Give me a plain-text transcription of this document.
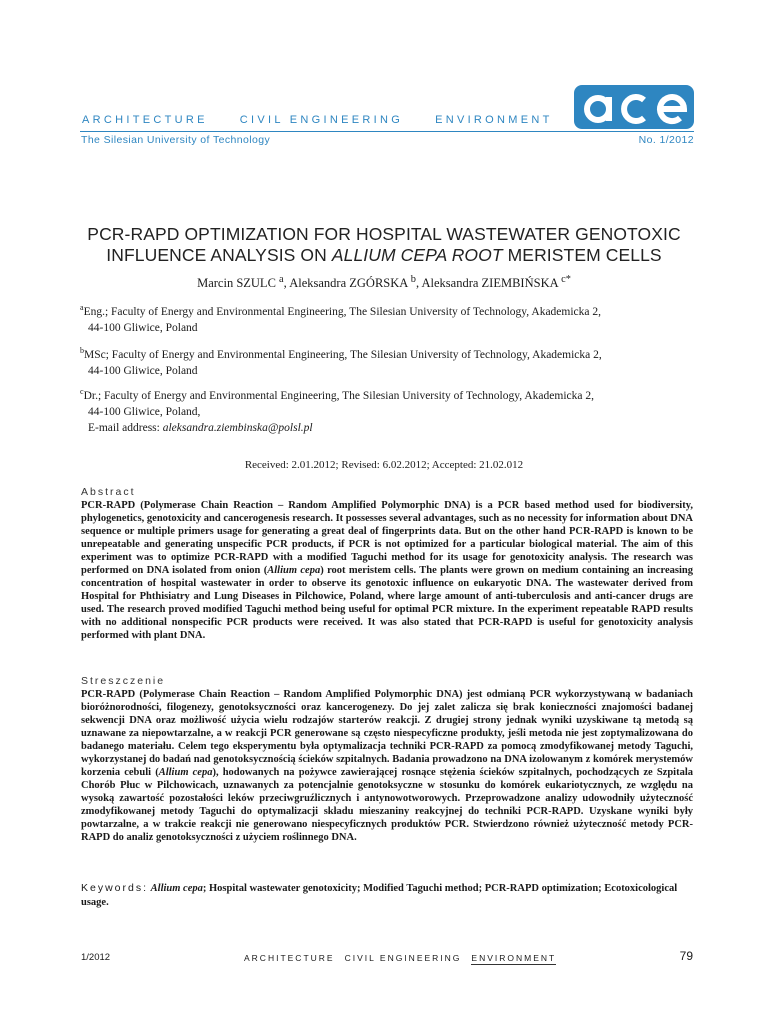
ARCHITECTURE	CIVIL ENGINEERING	ENVIRONMENT
The Silesian University of Technology	No. 1/2012
PCR-RAPD OPTIMIZATION FOR HOSPITAL WASTEWATER GENOTOXIC
INFLUENCE ANALYSIS ON ALLIUM CEPA ROOT MERISTEM CELLS
Marcin SZULC $^a$, Aleksandra ZGÓRSKA $^b$, Aleksandra ZIEMBIŃSKA $^{c*}$
$^a$Eng.; Faculty of Energy and Environmental Engineering, The Silesian University of Technology, Akademicka 2,
44-100 Gliwice, Poland
$^b$MSc; Faculty of Energy and Environmental Engineering, The Silesian University of Technology, Akademicka 2,
44-100 Gliwice, Poland
$^c$Dr.; Faculty of Energy and Environmental Engineering, The Silesian University of Technology, Akademicka 2,
44-100 Gliwice, Poland,
E-mail address: aleksandra.ziembinska@polsl.pl
Received: 2.01.2012; Revised: 6.02.2012; Accepted: 21.02.012
Abstract
PCR-RAPD (Polymerase Chain Reaction – Random Amplified Polymorphic DNA) is a PCR based method used for biodiversity, phylogenetics, genotoxicity and cancerogenesis research. It possesses several advantages, such as no necessity for information about DNA sequence or multiple primers usage for generating a great deal of fingerprints data. But on the other hand PCR-RAPD is known to be unrepeatable and generating unspecific PCR products, if PCR is not optimized for a particular biological material. The aim of this experiment was to optimize PCR-RAPD with a modified Taguchi method for its usage for genotoxicity analysis. The research was performed on DNA isolated from onion (Allium cepa) root meristem cells. The plants were grown on medium containing an increasing concentration of hospital wastewater in order to observe its genotoxic influence on eukaryotic DNA. The wastewater derived from Hospital for Phthisiatry and Lung Diseases in Pilchowice, Poland, where large amount of anti-tuberculosis and anti-cancer drugs are used. The research proved modified Taguchi method being useful for optimal PCR mixture. In the experiment repeatable RAPD results with no additional nonspecific PCR products were received. It was also stated that PCR-RAPD is useful for genotoxicity analysis performed with plant DNA.
Streszczenie
PCR-RAPD (Polymerase Chain Reaction – Random Amplified Polymorphic DNA) jest odmianą PCR wykorzystywaną w badaniach bioróżnorodności, filogenezy, genotoksyczności oraz kancerogenezy. Do jej zalet zalicza się brak konieczności znajomości badanej sekwencji DNA oraz możliwość użycia wielu rodzajów starterów reakcji. Z drugiej strony jednak wyniki uzyskiwane tą metodą są uznawane za niepowtarzalne, a w reakcji PCR generowane są często niespecyficzne produkty, jeśli metoda nie jest zoptymalizowana do badanego materiału. Celem tego eksperymentu była optymalizacja techniki PCR-RAPD za pomocą zmodyfikowanej metody Taguchi, wykorzystanej do badań nad genotoksycznością ścieków szpitalnych. Badania prowadzono na DNA izolowanym z komórek merystemów korzenia cebuli (Allium cepa), hodowanych na pożywce zawierającej rosnące stężenia ścieków szpitalnych, pochodzących ze Szpitala Chorób Płuc w Pilchowicach, uznawanych za potencjalnie genotoksyczne w stosunku do komórek eukariotycznych, ze względu na wysoką zawartość pozostałości leków przeciwgruźlicznych i antynowotworowych. Przeprowadzone analizy udowodniły użyteczność zmodyfikowanej metody Taguchi do optymalizacji składu mieszaniny reakcyjnej do techniki PCR-RAPD. Uzyskane wyniki były powtarzalne, a w trakcie reakcji nie generowano niespecyficznych produktów PCR. Stwierdzono również użyteczność metody PCR-RAPD do analiz genotoksyczności z użyciem roślinnego DNA.
Keywords: Allium cepa; Hospital wastewater genotoxicity; Modified Taguchi method; PCR-RAPD optimization; Ecotoxicological usage.
1/2012	ARCHITECTURE CIVIL ENGINEERING ENVIRONMENT	79
